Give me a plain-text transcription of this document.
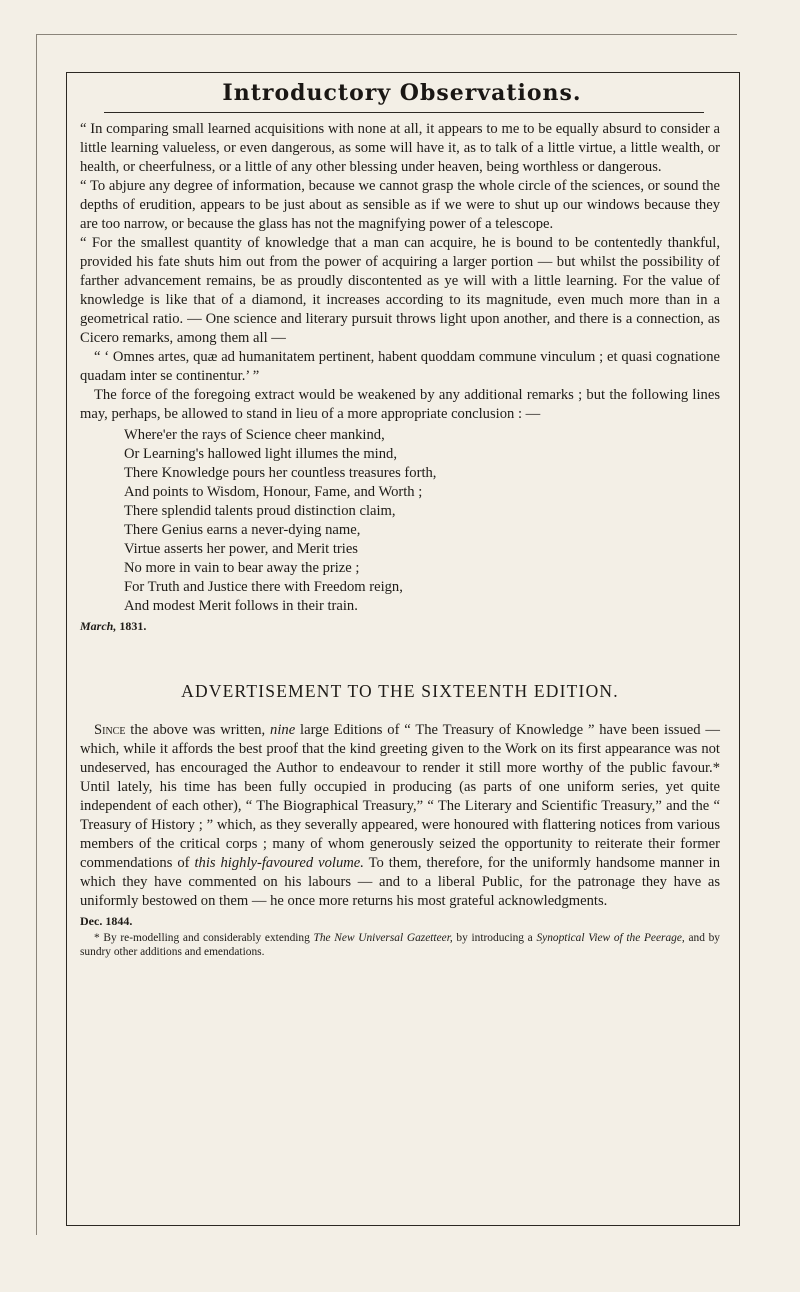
Introductory Observations.

“ In comparing small learned acquisitions with none at all, it appears to me to be equally absurd to consider a little learning valueless, or even dangerous, as some will have it, as to talk of a little virtue, a little wealth, or health, or cheerfulness, or a little of any other blessing under heaven, being worthless or dangerous.

“ To abjure any degree of information, because we cannot grasp the whole circle of the sciences, or sound the depths of erudition, appears to be just about as sensible as if we were to shut up our windows because they are too narrow, or because the glass has not the magnifying power of a telescope.

“ For the smallest quantity of knowledge that a man can acquire, he is bound to be contentedly thankful, provided his fate shuts him out from the power of acquiring a larger portion — but whilst the possibility of farther advancement remains, be as proudly discontented as ye will with a little learning. For the value of knowledge is like that of a diamond, it increases according to its magnitude, even much more than in a geometrical ratio. — One science and literary pursuit throws light upon another, and there is a connection, as Cicero remarks, among them all —

“ ‘ Omnes artes, quæ ad humanitatem pertinent, habent quoddam commune vinculum ; et quasi cognatione quadam inter se continentur.’ ”

The force of the foregoing extract would be weakened by any additional remarks ; but the following lines may, perhaps, be allowed to stand in lieu of a more appropriate conclusion : —

Where'er the rays of Science cheer mankind,
Or Learning's hallowed light illumes the mind,
There Knowledge pours her countless treasures forth,
And points to Wisdom, Honour, Fame, and Worth ;
There splendid talents proud distinction claim,
There Genius earns a never-dying name,
Virtue asserts her power, and Merit tries
No more in vain to bear away the prize ;
For Truth and Justice there with Freedom reign,
And modest Merit follows in their train.
March, 1831.
ADVERTISEMENT TO THE SIXTEENTH EDITION.

Since the above was written, nine large Editions of “ The Treasury of Knowledge ” have been issued — which, while it affords the best proof that the kind greeting given to the Work on its first appearance was not undeserved, has encouraged the Author to endeavour to render it still more worthy of the public favour.* Until lately, his time has been fully occupied in producing (as parts of one uniform series, yet quite independent of each other), “ The Biographical Treasury,” “ The Literary and Scientific Treasury,” and the “ Treasury of History ; ” which, as they severally appeared, were honoured with flattering notices from various members of the critical corps ; many of whom generously seized the opportunity to reiterate their former commendations of this highly-favoured volume. To them, therefore, for the uniformly handsome manner in which they have commented on his labours — and to a liberal Public, for the patronage they have as uniformly bestowed on them — he once more returns his most grateful acknowledgments.

Dec. 1844.

* By re-modelling and considerably extending The New Universal Gazetteer, by introducing a Synoptical View of the Peerage, and by sundry other additions and emendations.
